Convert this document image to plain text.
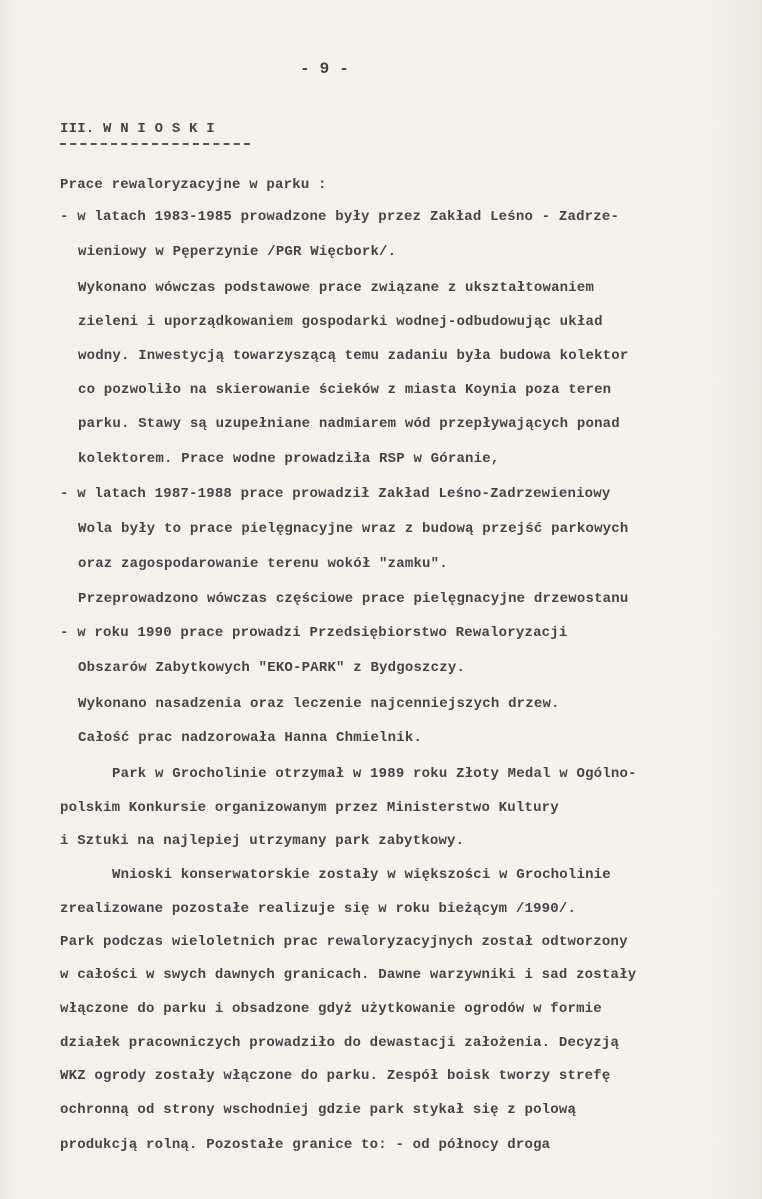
- 9 -
III. W N I O S K I
Prace rewaloryzacyjne w parku :
- w latach 1983-1985 prowadzone były przez Zakład Leśno - Zadrze-
wieniowy w Pęperzynie /PGR Więcbork/.
Wykonano wówczas podstawowe prace związane z ukształtowaniem
zieleni i uporządkowaniem gospodarki wodnej-odbudowując układ
wodny. Inwestycją towarzyszącą temu zadaniu była budowa kolektor
co pozwoliło na skierowanie ścieków z miasta Koynia poza teren
parku. Stawy są uzupełniane nadmiarem wód przepływających ponad
kolektorem. Prace wodne prowadziła RSP w Góranie,
- w latach 1987-1988 prace prowadził Zakład Leśno-Zadrzewieniowy
Wola były to prace pielęgnacyjne wraz z budową przejść parkowych
oraz zagospodarowanie terenu wokół "zamku".
Przeprowadzono wówczas częściowe prace pielęgnacyjne drzewostanu
- w roku 1990 prace prowadzi Przedsiębiorstwo Rewaloryzacji
Obszarów Zabytkowych "EKO-PARK" z Bydgoszczy.
Wykonano nasadzenia oraz leczenie najcenniejszych drzew.
Całość prac nadzorowała Hanna Chmielnik.
Park w Grocholinie otrzymał w 1989 roku Złoty Medal w Ogólno-
polskim Konkursie organizowanym przez Ministerstwo Kultury
i Sztuki na najlepiej utrzymany park zabytkowy.
Wnioski konserwatorskie zostały w większości w Grocholinie
zrealizowane pozostałe realizuje się w roku bieżącym /1990/.
Park podczas wieloletnich prac rewaloryzacyjnych został odtworzony
w całości w swych dawnych granicach. Dawne warzywniki i sad zostały
włączone do parku i obsadzone gdyż użytkowanie ogrodów w formie
działek pracowniczych prowadziło do dewastacji założenia. Decyzją
WKZ ogrody zostały włączone do parku. Zespół boisk tworzy strefę
ochronną od strony wschodniej gdzie park stykał się z polową
produkcją rolną. Pozostałe granice to: - od północy droga
